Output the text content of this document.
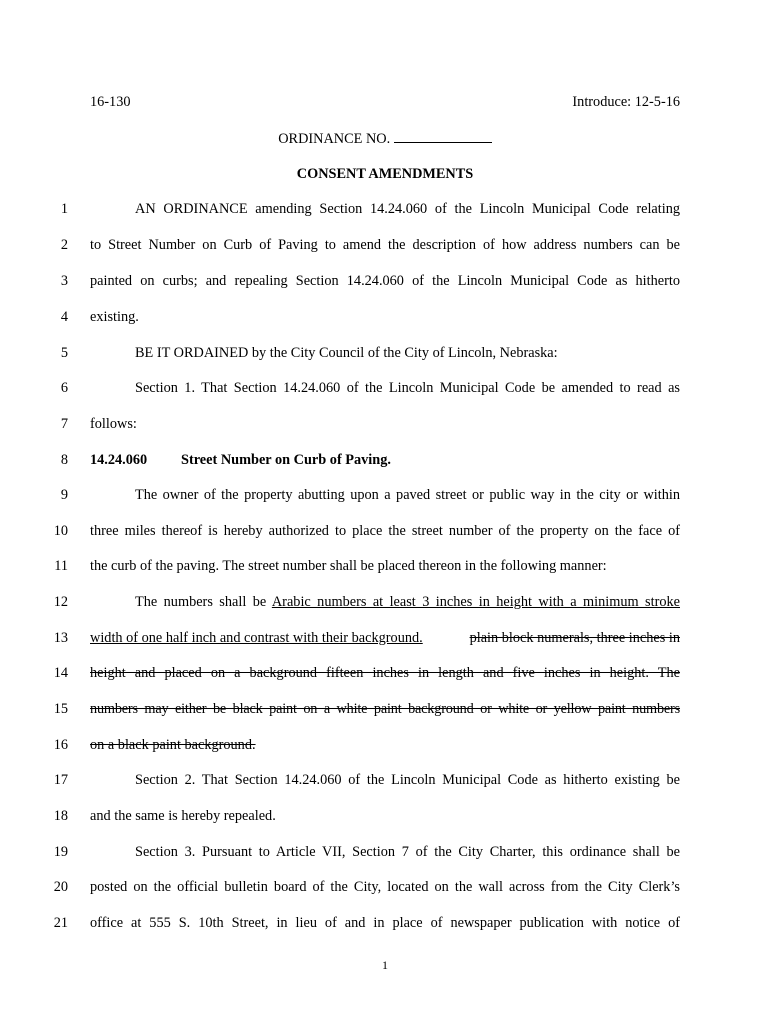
16-130	Introduce: 12-5-16
ORDINANCE NO.
CONSENT AMENDMENTS
1
2
3
4
5
6
7
8
9
10
11
12
13
14
15
16
17
18
19
20
21
AN ORDINANCE amending Section 14.24.060 of the Lincoln Municipal Code relating
to Street Number on Curb of Paving to amend the description of how address numbers can be
painted on curbs; and repealing Section 14.24.060 of the Lincoln Municipal Code as hitherto
existing.
BE IT ORDAINED by the City Council of the City of Lincoln, Nebraska:
Section 1. That Section 14.24.060 of the Lincoln Municipal Code be amended to read as
follows:
14.24.060 Street Number on Curb of Paving.
The owner of the property abutting upon a paved street or public way in the city or within
three miles thereof is hereby authorized to place the street number of the property on the face of
the curb of the paving. The street number shall be placed thereon in the following manner:
The numbers shall be Arabic numbers at least 3 inches in height with a minimum stroke
width of one half inch and contrast with their background.	plain block numerals, three inches in
height and placed on a background fifteen inches in length and five inches in height. The
numbers may either be black paint on a white paint background or white or yellow paint numbers
on a black paint background.
Section 2. That Section 14.24.060 of the Lincoln Municipal Code as hitherto existing be
and the same is hereby repealed.
Section 3. Pursuant to Article VII, Section 7 of the City Charter, this ordinance shall be
posted on the official bulletin board of the City, located on the wall across from the City Clerk’s
office at 555 S. 10th Street, in lieu of and in place of newspaper publication with notice of
1
